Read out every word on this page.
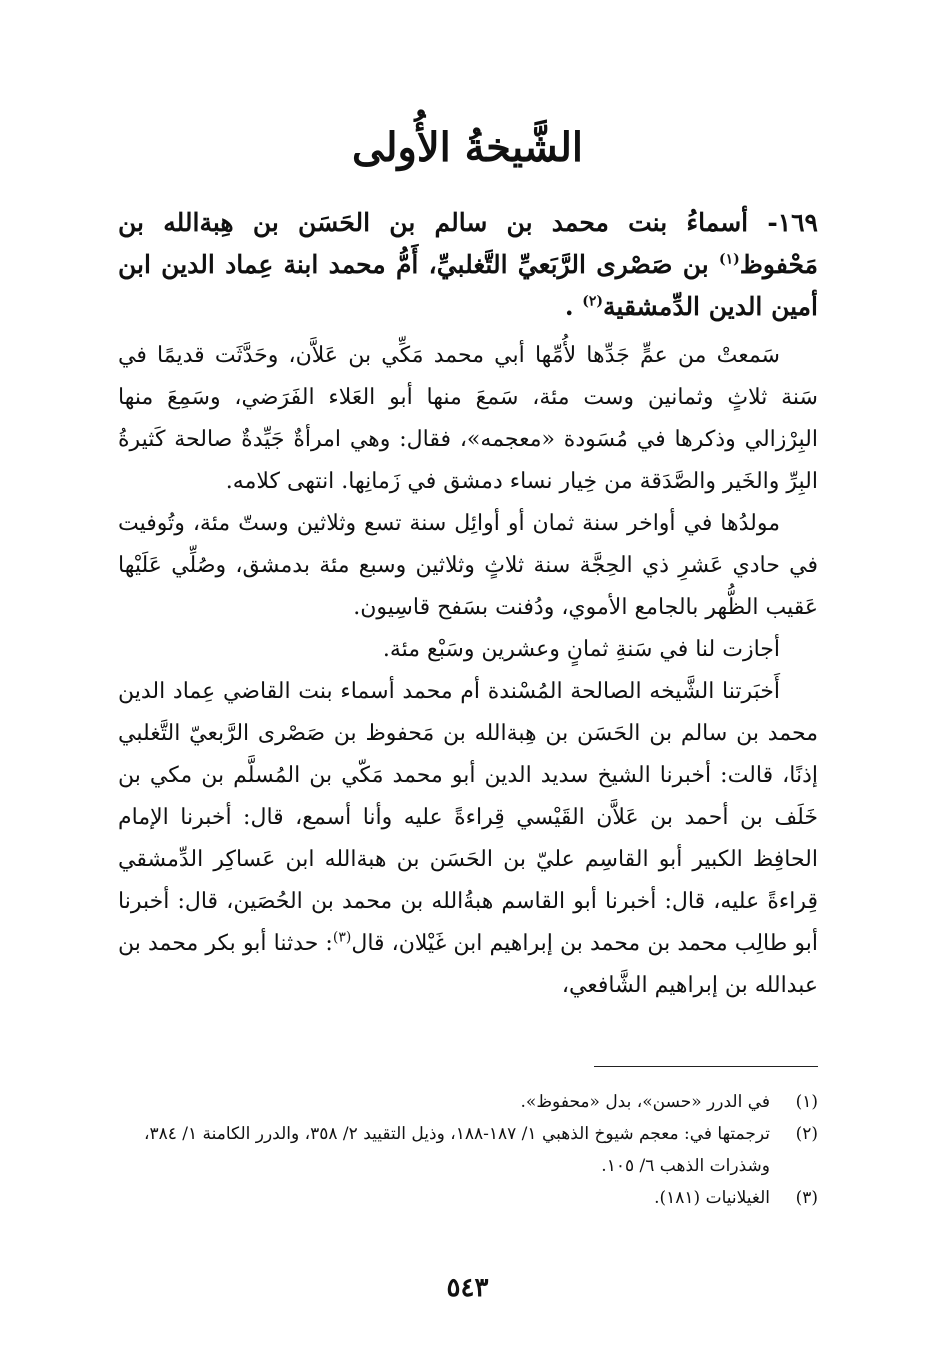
الشَّيخةُ الأُولى
١٦٩- أسماءُ بنت محمد بن سالم بن الحَسَن بن هِبةالله بن مَحْفوظ$^{(١)}$ بن صَصْرى الرَّبَعيِّ التَّغلبيِّ، أَمُّ محمد ابنة عِماد الدين ابن أمين الدين الدِّمشقية$^{(٢)}$ .

سَمعتْ من عمٍّ جَدِّها لأُمِّها أبي محمد مَكِّي بن عَلاَّن، وحَدَّثَت قديمًا في سَنة ثلاثٍ وثمانين وست مئة، سَمعَ منها أبو العَلاء الفَرَضي، وسَمِعَ منها البِرْزالي وذكرها في مُسَودة «معجمه»، فقال: وهي امرأةٌ جَيِّدةٌ صالحة كَثيرةُ البِرِّ والخَير والصَّدَقة من خِيار نساء دمشق في زَمانِها. انتهى كلامه.

مولدُها في أواخر سنة ثمان أو أوائِل سنة تسع وثلاثين وستّ مئة، وتُوفيت في حادي عَشرِ ذي الحِجَّة سنة ثلاثٍ وثلاثين وسبع مئة بدمشق، وصُلِّي عَلَيْها عَقيب الظُّهر بالجامع الأموي، ودُفنت بسَفح قاسِيون.

أجازت لنا في سَنةِ ثمانٍ وعشرين وسَبْع مئة.

أَخبَرتنا الشَّيخه الصالحة المُسْندة أم محمد أسماء بنت القاضي عِماد الدين محمد بن سالم بن الحَسَن بن هِبةالله بن مَحفوظ بن صَصْرى الرَّبعيّ التَّغلبي إذنًا، قالت: أخبرنا الشيخ سديد الدين أبو محمد مَكّي بن المُسلَّم بن مكي بن خَلَف بن أحمد بن عَلاَّن القَيْسي قِراءةً عليه وأنا أسمع، قال: أخبرنا الإمام الحافِظ الكبير أبو القاسِم عليّ بن الحَسَن بن هبةالله ابن عَساكِر الدِّمشقي قِراءةً عليه، قال: أخبرنا أبو القاسم هبةُالله بن محمد بن الحُصَين، قال: أخبرنا أبو طالِب محمد بن محمد بن إبراهيم ابن غَيْلان، قال$^{(٣)}$: حدثنا أبو بكر محمد بن عبدالله بن إبراهيم الشَّافعي،

(١)
في الدرر «حسن»، بدل «محفوظ».
(٢)
ترجمتها في: معجم شيوخ الذهبي ١/ ١٨٧-١٨٨، وذيل التقييد ٢/ ٣٥٨، والدرر الكامنة ١/ ٣٨٤، وشذرات الذهب ٦/ ١٠٥.
(٣)
الغيلانيات (١٨١).
٥٤٣
